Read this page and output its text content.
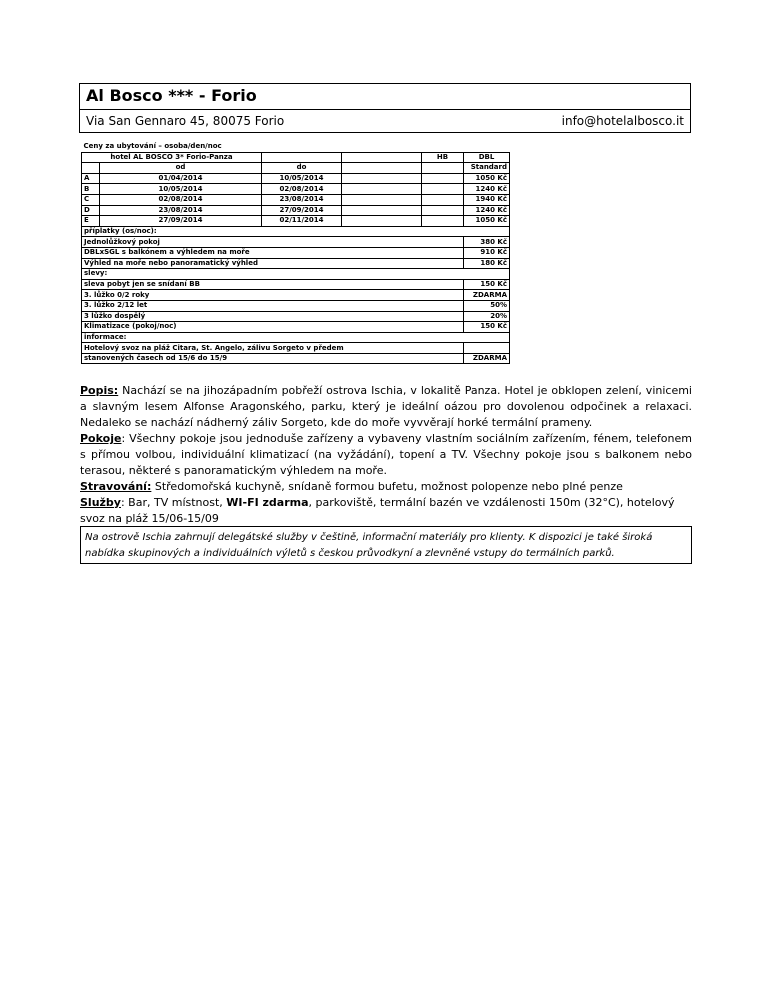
Al Bosco *** - Forio
Via San Gennaro 45, 80075 Forio	info@hotelalbosco.it
Ceny za ubytování – osoba/den/noc					
hotel AL BOSCO 3* Forio-Panza				HB	DBL
	od	do			Standard
A	01/04/2014	10/05/2014			1050 Kč
B	10/05/2014	02/08/2014			1240 Kč
C	02/08/2014	23/08/2014			1940 Kč
D	23/08/2014	27/09/2014			1240 Kč
E	27/09/2014	02/11/2014			1050 Kč
příplatky (os/noc):					
Jednolůžkový pokoj					380 Kč
DBLxSGL s balkónem a výhledem na moře					910 Kč
Výhled na moře nebo panoramatický výhled					180 Kč
slevy:					
sleva pobyt jen se snídaní BB					150 Kč
3. lůžko 0/2 roky					ZDARMA
3. lůžko 2/12 let					50%
3 lůžko dospělý					20%
Klimatizace (pokoj/noc)					150 Kč
informace:					
Hotelový svoz na pláž Citara, St. Angelo, zálivu Sorgeto v předem					
stanovených časech od 15/6 do 15/9					ZDARMA

Popis: Nachází se na jihozápadním pobřeží ostrova Ischia, v lokalitě Panza. Hotel je obklopen zelení, vinicemi a slavným lesem Alfonse Aragonského, parku, který je ideální oázou pro dovolenou odpočinek a relaxaci. Nedaleko se nachází nádherný záliv Sorgeto, kde do moře vyvvěrají horké termální prameny.

Pokoje: Všechny pokoje jsou jednoduše zařízeny a vybaveny vlastním sociálním zařízením, fénem, telefonem s přímou volbou, individuální klimatizací (na vyžádání), topení a TV. Všechny pokoje jsou s balkonem nebo terasou, některé s panoramatickým výhledem na moře.

Stravování: Středomořská kuchyně, snídaně formou bufetu, možnost polopenze nebo plné penze

Služby: Bar, TV místnost, WI-FI zdarma, parkoviště, termální bazén ve vzdálenosti 150m (32°C), hotelový svoz na pláž 15/06-15/09

Na ostrově Ischia zahrnují delegátské služby v češtině, informační materiály pro klienty. K dispozici je také široká nabídka skupinových a individuálních výletů s českou průvodkyní a zlevněné vstupy do termálních parků.
